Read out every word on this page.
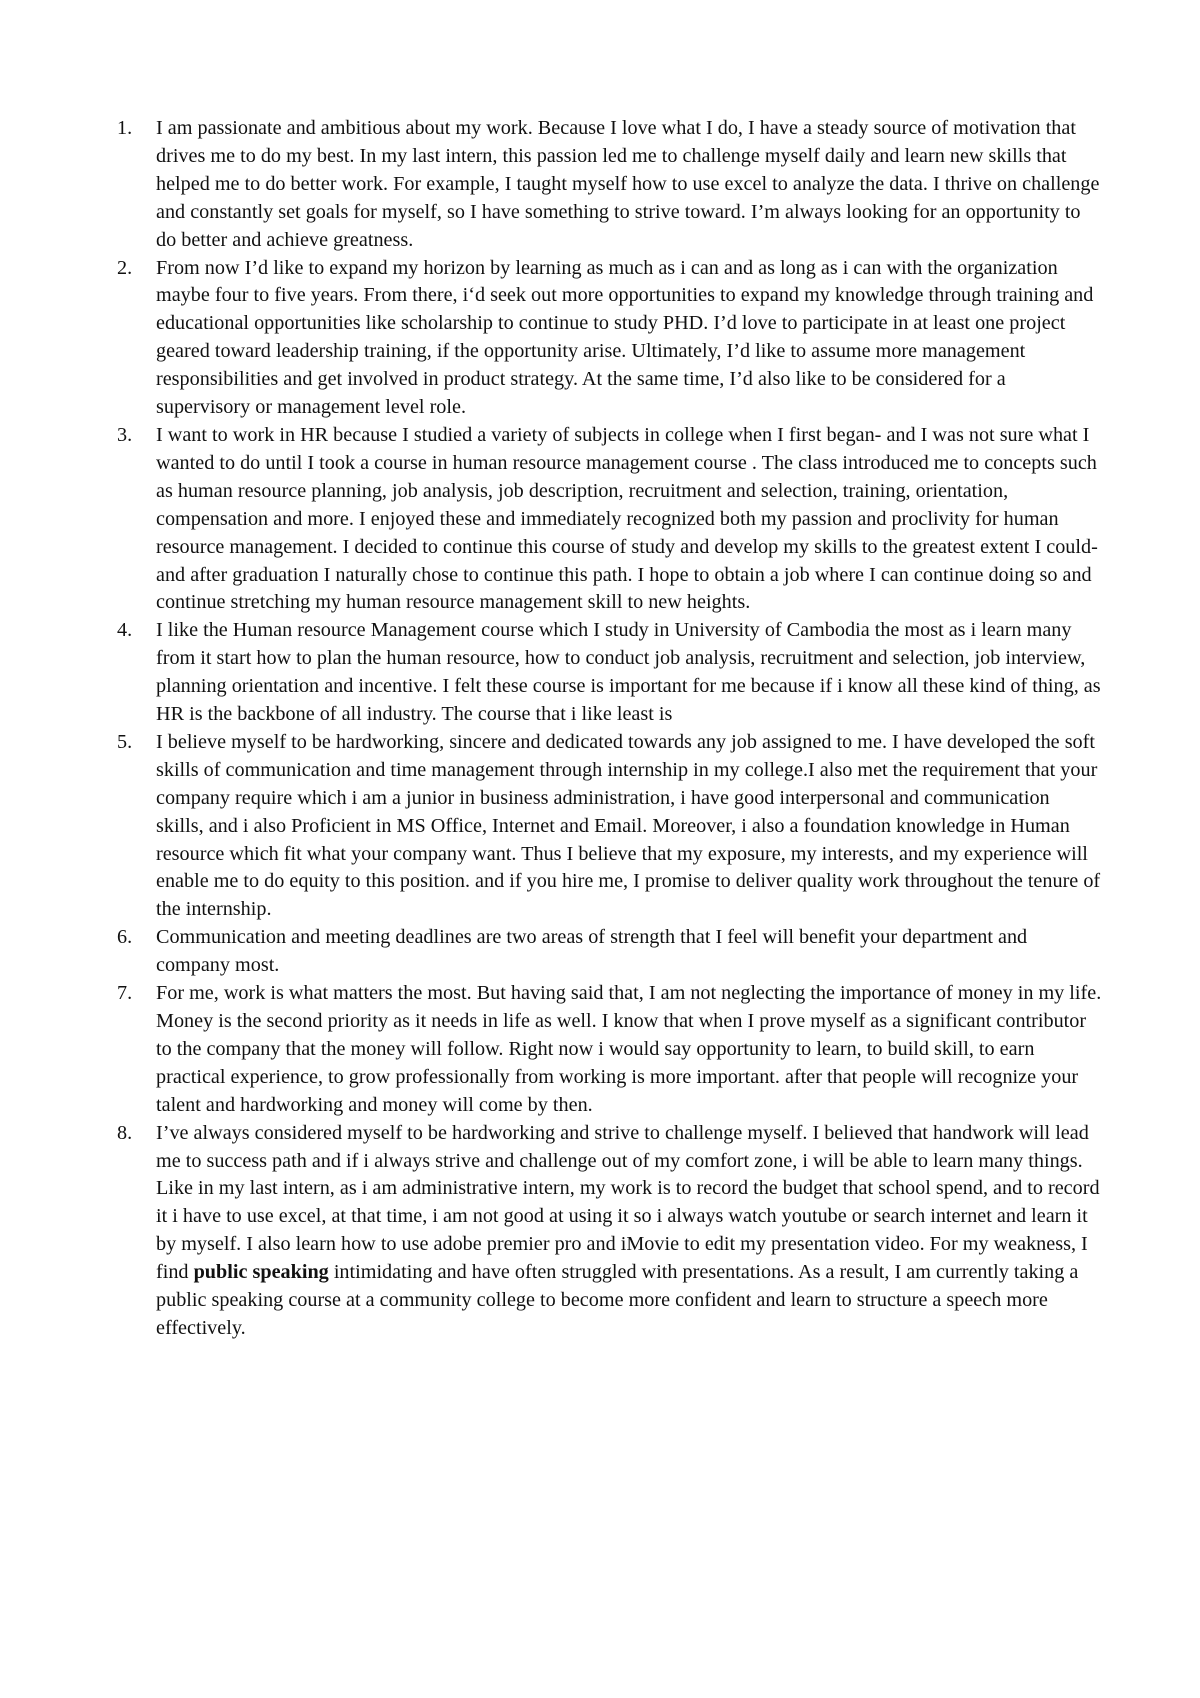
1.	I am passionate and ambitious about my work. Because I love what I do, I have a steady source of motivation that drives me to do my best. In my last intern, this passion led me to challenge myself daily and learn new skills that helped me to do better work. For example, I taught myself how to use excel to analyze the data. I thrive on challenge and constantly set goals for myself, so I have something to strive toward. I’m always looking for an opportunity to do better and achieve greatness.
2.	From now I’d like to expand my horizon by learning as much as i can and as long as i can with the organization maybe four to five years. From there, i‘d seek out more opportunities to expand my knowledge through training and educational opportunities like scholarship to continue to study PHD. I’d love to participate in at least one project geared toward leadership training, if the opportunity arise. Ultimately, I’d like to assume more management responsibilities and get involved in product strategy. At the same time, I’d also like to be considered for a supervisory or management level role.
3.	I want to work in HR because I studied a variety of subjects in college when I first began- and I was not sure what I wanted to do until I took a course in human resource management course . The class introduced me to concepts such as human resource planning, job analysis, job description, recruitment and selection, training, orientation, compensation and more. I enjoyed these and immediately recognized both my passion and proclivity for human resource management. I decided to continue this course of study and develop my skills to the greatest extent I could- and after graduation I naturally chose to continue this path. I hope to obtain a job where I can continue doing so and continue stretching my human resource management skill to new heights.
4.	I like the Human resource Management course which I study in University of Cambodia the most as i learn many from it start how to plan the human resource, how to conduct job analysis, recruitment and selection, job interview, planning orientation and incentive. I felt these course is important for me because if i know all these kind of thing, as HR is the backbone of all industry. The course that i like least is
5.	I believe myself to be hardworking, sincere and dedicated towards any job assigned to me. I have developed the soft skills of communication and time management through internship in my college.I also met the requirement that your company require which i am a junior in business administration, i have good interpersonal and communication skills, and i also Proficient in MS Office, Internet and Email. Moreover, i also a foundation knowledge in Human resource which fit what your company want. Thus I believe that my exposure, my interests, and my experience will enable me to do equity to this position. and if you hire me, I promise to deliver quality work throughout the tenure of the internship.
6.	Communication and meeting deadlines are two areas of strength that I feel will benefit your department and company most.
7.	For me, work is what matters the most. But having said that, I am not neglecting the importance of money in my life. Money is the second priority as it needs in life as well. I know that when I prove myself as a significant contributor to the company that the money will follow. Right now i would say opportunity to learn, to build skill, to earn practical experience, to grow professionally from working is more important. after that people will recognize your talent and hardworking and money will come by then.
8.	I’ve always considered myself to be hardworking and strive to challenge myself. I believed that handwork will lead me to success path and if i always strive and challenge out of my comfort zone, i will be able to learn many things. Like in my last intern, as i am administrative intern, my work is to record the budget that school spend, and to record it i have to use excel, at that time, i am not good at using it so i always watch youtube or search internet and learn it by myself. I also learn how to use adobe premier pro and iMovie to edit my presentation video. For my weakness, I find public speaking intimidating and have often struggled with presentations. As a result, I am currently taking a public speaking course at a community college to become more confident and learn to structure a speech more effectively.
